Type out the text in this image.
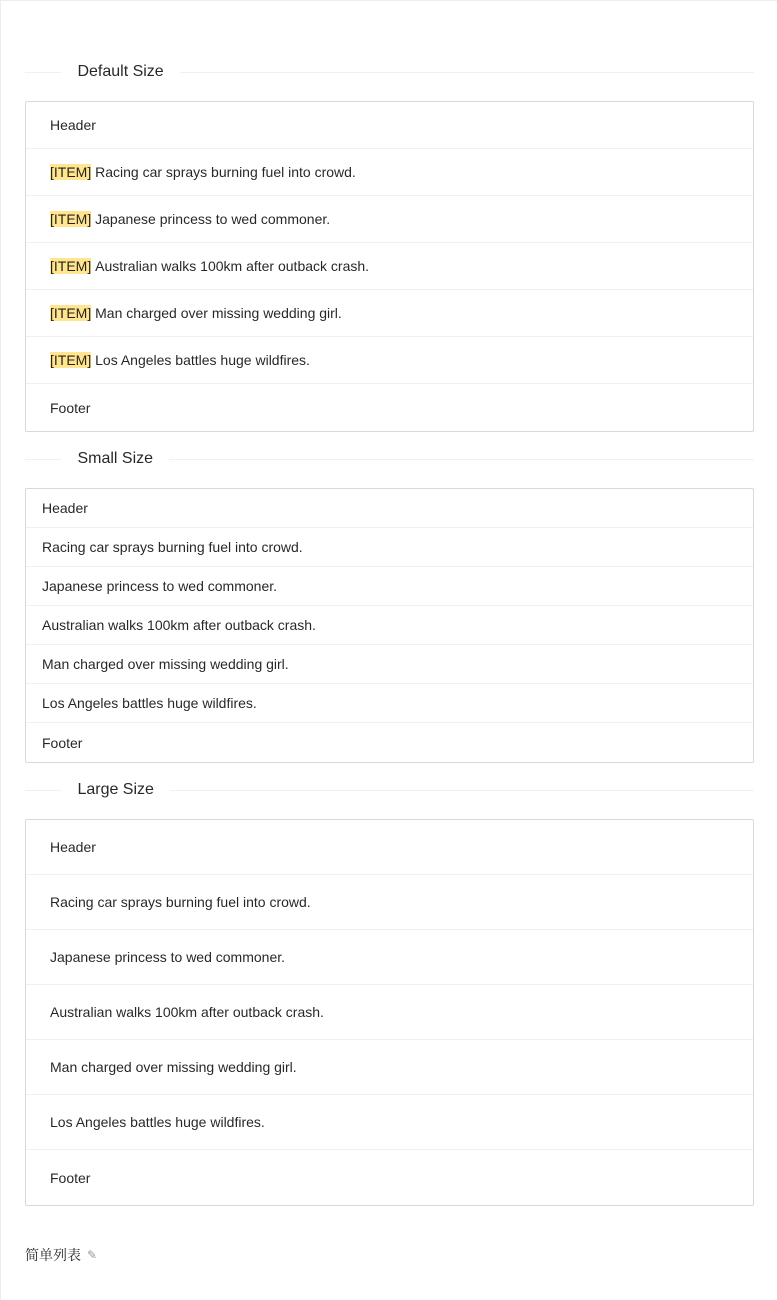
Default Size
Header
[ITEM]
Racing car sprays burning fuel into crowd.
[ITEM]
Japanese princess to wed commoner.
[ITEM]
Australian walks 100km after outback crash.
[ITEM]
Man charged over missing wedding girl.
[ITEM]
Los Angeles battles huge wildfires.
Footer
Small Size
Header
Racing car sprays burning fuel into crowd.
Japanese princess to wed commoner.
Australian walks 100km after outback crash.
Man charged over missing wedding girl.
Los Angeles battles huge wildfires.
Footer
Large Size
Header
Racing car sprays burning fuel into crowd.
Japanese princess to wed commoner.
Australian walks 100km after outback crash.
Man charged over missing wedding girl.
Los Angeles battles huge wildfires.
Footer
简单列表 ✎
